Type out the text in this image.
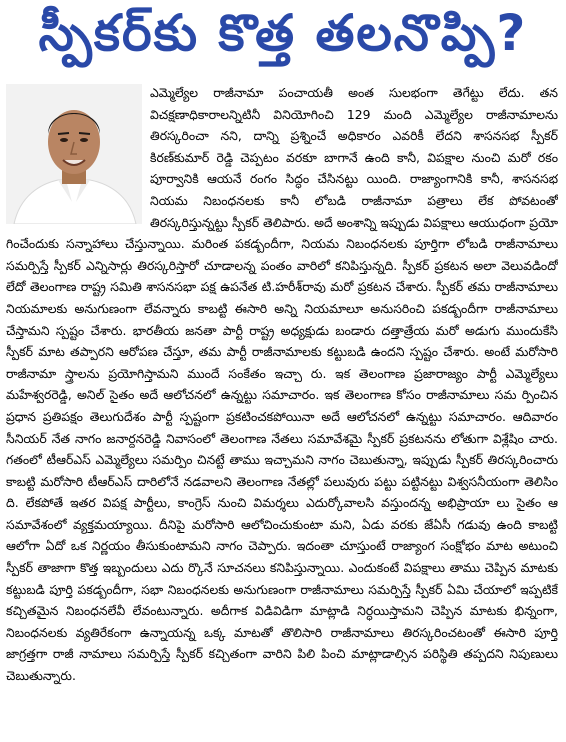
స్పీకర్‌కు కొత్త తలనొప్పి?

ఎమ్మెల్యేల రాజీనామా పంచాయతీ అంత సులభంగా తెగేట్టు లేదు. తన విచక్షణాధికారాలన్నిటినీ వినియోగించి 129 మంది ఎమ్మెల్యేల రాజీనామాలను తిరస్కరించా నని, దాన్ని ప్రశ్నించే అధికారం ఎవరికీ లేదని శాసనసభ స్పీకర్ కిరణ్‌కుమార్ రెడ్డి చెప్పటం వరకూ బాగానే ఉంది కానీ, విపక్షాల నుంచి మరో రకం పూర్వానికి ఆయనే రంగం సిద్ధం చేసినట్టు యింది. రాజ్యాంగానికి కానీ, శాసనసభ నియమ నిబంధనలకు కానీ లోబడి రాజీనామా పత్రాలు లేక పోవటంతో తిరస్కరిస్తున్నట్టు స్పీకర్ తెలిపారు. అదే అంశాన్ని ఇప్పుడు విపక్షాలు ఆయుధంగా ప్రయో గించేందుకు సన్నాహాలు చేస్తున్నాయి. మరింత పకడ్బందీగా, నియమ నిబంధనలకు పూర్తిగా లోబడి రాజీనామాలు సమర్పిస్తే స్పీకర్ ఎన్నిసార్లు తిరస్కరిస్తారో చూడాలన్న పంతం వారిలో కనిపిస్తున్నది. స్పీకర్ ప్రకటన అలా వెలువడిందో లేదో తెలంగాణ రాష్ట్ర సమితి శాసనసభా పక్ష ఉపనేత టి.హరీశ్‌రావు మరో ప్రకటన చేశారు. స్పీకర్ తమ రాజీనామాలు నియమాలకు అనుగుణంగా లేవన్నారు కాబట్టి ఈసారి అన్ని నియమాలూ అనుసరించి పకడ్బందీగా రాజీనామాలు చేస్తామని స్పష్టం చేశారు. భారతీయ జనతా పార్టీ రాష్ట్ర అధ్యక్షుడు బండారు దత్తాత్రేయ మరో అడుగు ముందుకేసి స్పీకర్ మాట తప్పారని ఆరోపణ చేస్తూ, తమ పార్టీ రాజీనామాలకు కట్టుబడి ఉందని స్పష్టం చేశారు. అంటే మరోసారి రాజీనామా స్త్రాలను ప్రయోగిస్తామని ముందే సంకేతం ఇచ్చా రు. ఇక తెలంగాణ ప్రజారాజ్యం పార్టీ ఎమ్మెల్యేలు మహేశ్వరరెడ్డి, అనిల్ సైతం అదే ఆలోచనలో ఉన్నట్టు సమాచారం. ఇక తెలంగాణ కోసం రాజీనామాలు సమ ర్పించిన ప్రధాన ప్రతిపక్షం తెలుగుదేశం పార్టీ స్పష్టంగా ప్రకటించకపోయినా అదే ఆలోచనలో ఉన్నట్టు సమాచారం. ఆదివారం సీనియర్ నేత నాగం జనార్దనరెడ్డి నివాసంలో తెలంగాణ నేతలు సమావేశమై స్పీకర్ ప్రకటనను లోతుగా విశ్లేషిం చారు. గతంలో టీఆర్‌ఎస్ ఎమ్మెల్యేలు సమర్పిం చినట్టే తాము ఇచ్చామని నాగం చెబుతున్నా, ఇప్పుడు స్పీకర్ తిరస్కరించారు కాబట్టి మరోసారి టీఆర్‌ఎస్ దారిలోనే నడవాలని తెలంగాణ నేతల్లో పలువురు పట్టు పట్టినట్టు విశ్వసనీయంగా తెలిసిం ది. లేకపోతే ఇతర విపక్ష పార్టీలు, కాంగ్రెస్ నుంచి విమర్శలు ఎదుర్కోవాలసి వస్తుందన్న అభిప్రాయా లు సైతం ఆ సమావేశంలో వ్యక్తమయ్యాయి. దీనిపై మరోసారి ఆలోచించుకుంటా మని, ఏడు వరకు జేఏసీ గడువు ఉంది కాబట్టి ఆలోగా ఏదో ఒక నిర్ణయం తీసుకుంటామని నాగం చెప్పారు. ఇదంతా చూస్తుంటే రాజ్యాంగ సంక్షోభం మాట అటుంచి స్పీకర్ తాజాగా కొత్త ఇబ్బందులు ఎదు ర్కొనే సూచనలు కనిపిస్తున్నాయి. ఎందుకంటే విపక్షాలు తాము చెప్పిన మాటకు కట్టుబడి పూర్తి పకడ్బందీగా, సభా నిబంధనలకు అనుగుణంగా రాజీనామాలు సమర్పిస్తే స్పీకర్ ఏమి చేయాలో ఇప్పటికే కచ్చితమైన నిబంధనలేవీ లేవంటున్నారు. అదీగాక విడివిడిగా మాట్లాడి నిర్ధయిస్తామని చెప్పిన మాటకు భిన్నంగా, నిబంధనలకు వ్యతిరేకంగా ఉన్నాయన్న ఒక్క మాటతో తొలిసారి రాజీనామాలు తిరస్కరించటంతో ఈసారి పూర్తి జాగ్రత్తగా రాజీ నామాలు సమర్పిస్తే స్పీకర్ కచ్చితంగా వారిని పిలి పించి మాట్లాడాల్సిన పరిస్థితి తప్పదని నిపుణులు చెబుతున్నారు.
